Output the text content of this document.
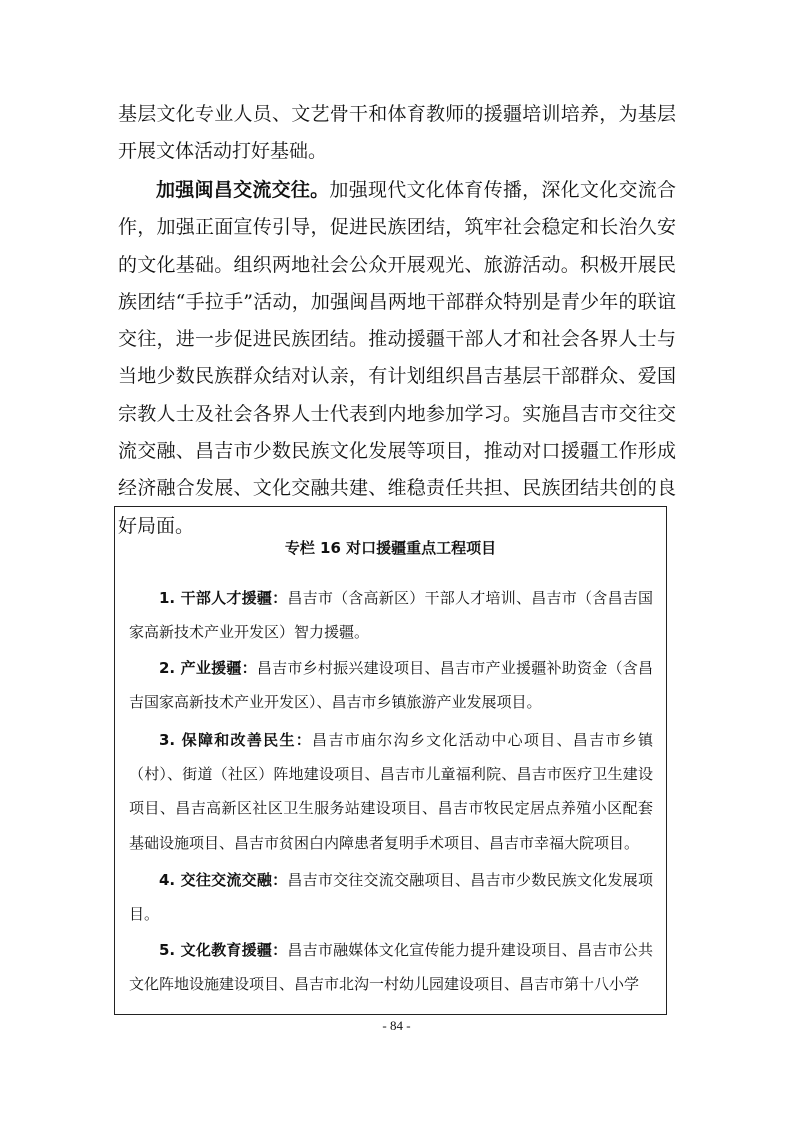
基层文化专业人员、文艺骨干和体育教师的援疆培训培养，为基层开展文体活动打好基础。

加强闽昌交流交往。加强现代文化体育传播，深化文化交流合作，加强正面宣传引导，促进民族团结，筑牢社会稳定和长治久安的文化基础。组织两地社会公众开展观光、旅游活动。积极开展民族团结“手拉手”活动，加强闽昌两地干部群众特别是青少年的联谊交往，进一步促进民族团结。推动援疆干部人才和社会各界人士与当地少数民族群众结对认亲，有计划组织昌吉基层干部群众、爱国宗教人士及社会各界人士代表到内地参加学习。实施昌吉市交往交流交融、昌吉市少数民族文化发展等项目，推动对口援疆工作形成经济融合发展、文化交融共建、维稳责任共担、民族团结共创的良好局面。

专栏 16 对口援疆重点工程项目
1. 干部人才援疆：昌吉市（含高新区）干部人才培训、昌吉市（含昌吉国家高新技术产业开发区）智力援疆。
2. 产业援疆：昌吉市乡村振兴建设项目、昌吉市产业援疆补助资金（含昌吉国家高新技术产业开发区）、昌吉市乡镇旅游产业发展项目。
3. 保障和改善民生：昌吉市庙尔沟乡文化活动中心项目、昌吉市乡镇（村）、街道（社区）阵地建设项目、昌吉市儿童福利院、昌吉市医疗卫生建设项目、昌吉高新区社区卫生服务站建设项目、昌吉市牧民定居点养殖小区配套基础设施项目、昌吉市贫困白内障患者复明手术项目、昌吉市幸福大院项目。
4. 交往交流交融：昌吉市交往交流交融项目、昌吉市少数民族文化发展项目。
5. 文化教育援疆：昌吉市融媒体文化宣传能力提升建设项目、昌吉市公共文化阵地设施建设项目、昌吉市北沟一村幼儿园建设项目、昌吉市第十八小学
- 84 -
